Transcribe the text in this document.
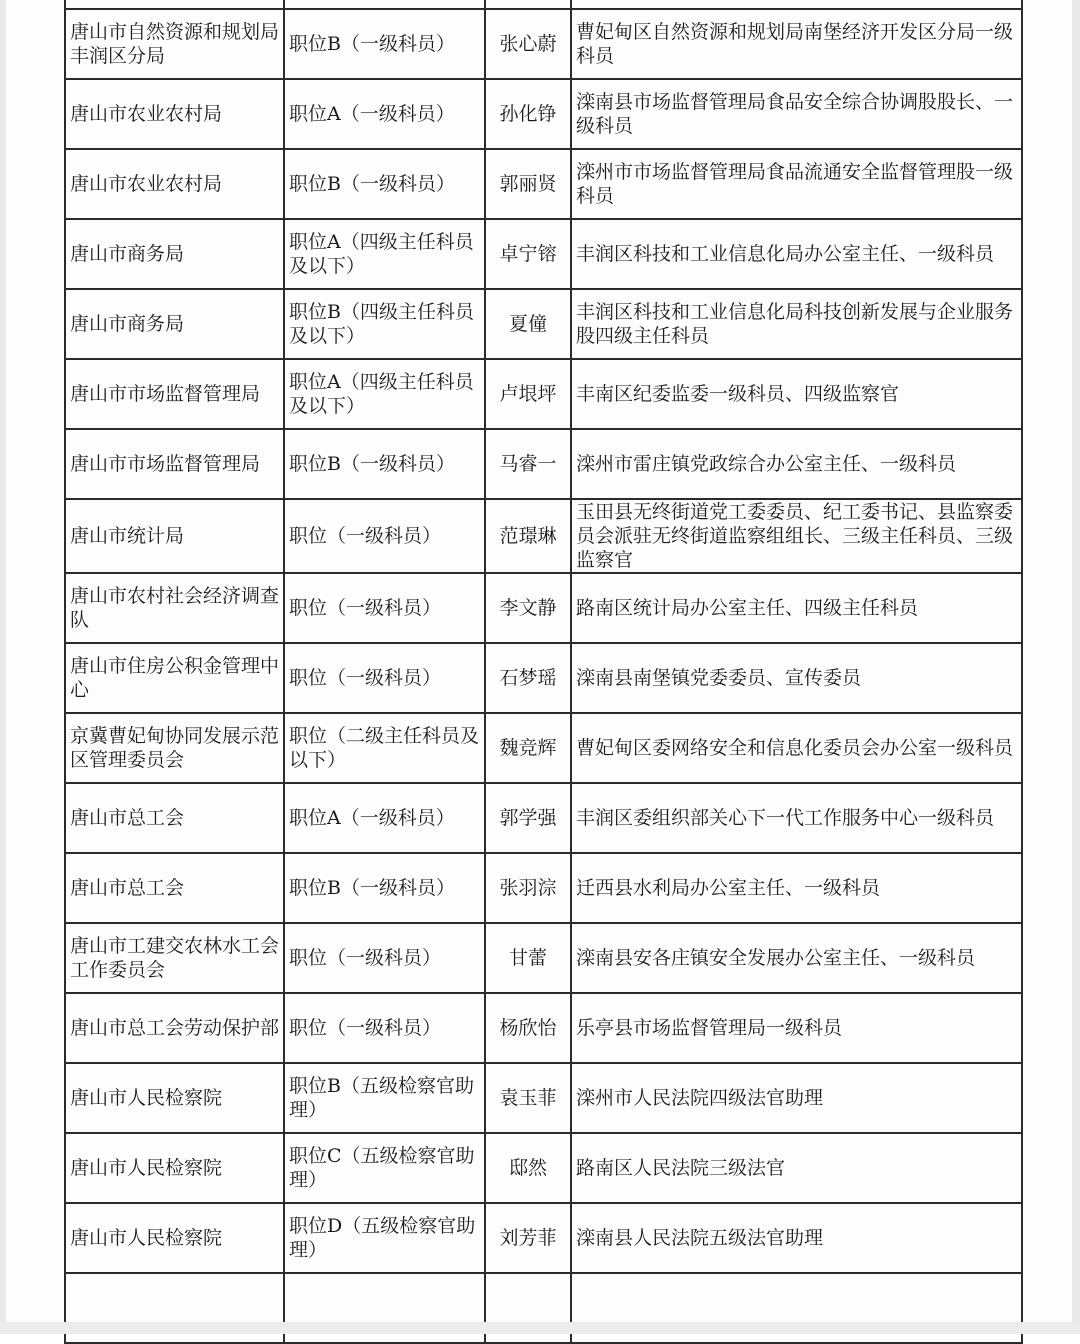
唐山市自然资源和规划局丰润区分局	职位B（一级科员）	张心蔚	曹妃甸区自然资源和规划局南堡经济开发区分局一级科员
唐山市农业农村局	职位A（一级科员）	孙化铮	滦南县市场监督管理局食品安全综合协调股股长、一级科员
唐山市农业农村局	职位B（一级科员）	郭丽贤	滦州市市场监督管理局食品流通安全监督管理股一级科员
唐山市商务局	职位A（四级主任科员及以下）	卓宁镕	丰润区科技和工业信息化局办公室主任、一级科员
唐山市商务局	职位B（四级主任科员及以下）	夏僮	丰润区科技和工业信息化局科技创新发展与企业服务股四级主任科员
唐山市市场监督管理局	职位A（四级主任科员及以下）	卢垠坪	丰南区纪委监委一级科员、四级监察官
唐山市市场监督管理局	职位B（一级科员）	马睿一	滦州市雷庄镇党政综合办公室主任、一级科员
唐山市统计局	职位（一级科员）	范璟琳	玉田县无终街道党工委委员、纪工委书记、县监察委员会派驻无终街道监察组组长、三级主任科员、三级监察官
唐山市农村社会经济调查队	职位（一级科员）	李文静	路南区统计局办公室主任、四级主任科员
唐山市住房公积金管理中心	职位（一级科员）	石梦瑶	滦南县南堡镇党委委员、宣传委员
京冀曹妃甸协同发展示范区管理委员会	职位（二级主任科员及以下）	魏竞辉	曹妃甸区委网络安全和信息化委员会办公室一级科员
唐山市总工会	职位A（一级科员）	郭学强	丰润区委组织部关心下一代工作服务中心一级科员
唐山市总工会	职位B（一级科员）	张羽淙	迁西县水利局办公室主任、一级科员
唐山市工建交农林水工会工作委员会	职位（一级科员）	甘蕾	滦南县安各庄镇安全发展办公室主任、一级科员
唐山市总工会劳动保护部	职位（一级科员）	杨欣怡	乐亭县市场监督管理局一级科员
唐山市人民检察院	职位B（五级检察官助理）	袁玉菲	滦州市人民法院四级法官助理
唐山市人民检察院	职位C（五级检察官助理）	邸然	路南区人民法院三级法官
唐山市人民检察院	职位D（五级检察官助理）	刘芳菲	滦南县人民法院五级法官助理
